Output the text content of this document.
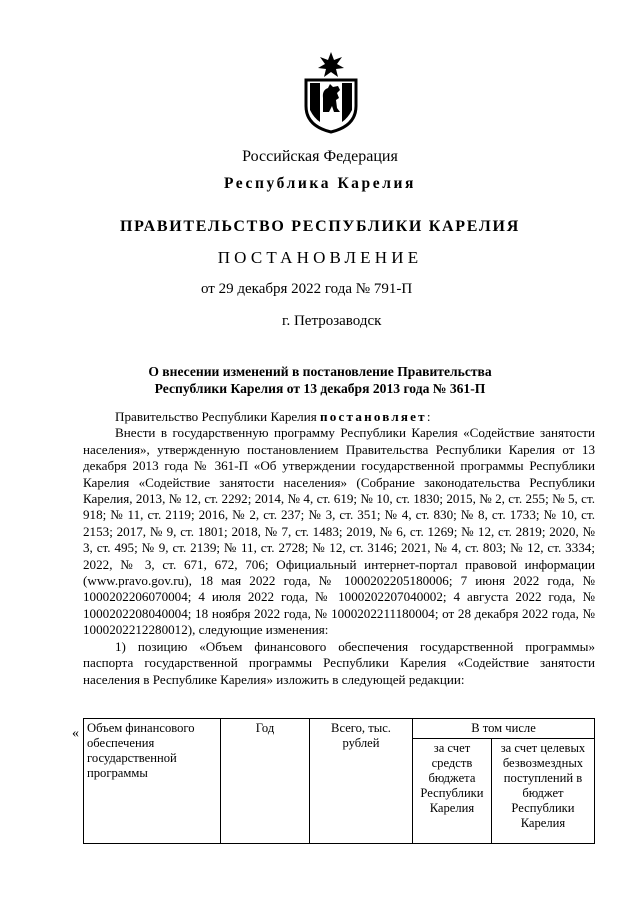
Российская Федерация
Республика Карелия
ПРАВИТЕЛЬСТВО РЕСПУБЛИКИ КАРЕЛИЯ
ПОСТАНОВЛЕНИЕ
от 29 декабря 2022 года № 791-П
г. Петрозаводск
О внесении изменений в постановление Правительства
Республики Карелия от 13 декабря 2013 года № 361-П

Правительство Республики Карелия постановляет:

Внести в государственную программу Республики Карелия «Содействие занятости населения», утвержденную постановлением Правительства Республики Карелия от 13 декабря 2013 года № 361-П «Об утверждении государственной программы Республики Карелия «Содействие занятости населения» (Собрание законодательства Республики Карелия, 2013, № 12, ст. 2292; 2014, № 4, ст. 619; № 10, ст. 1830; 2015, № 2, ст. 255; № 5, ст. 918; № 11, ст. 2119; 2016, № 2, ст. 237; № 3, ст. 351; № 4, ст. 830; № 8, ст. 1733; № 10, ст. 2153; 2017, № 9, ст. 1801; 2018, № 7, ст. 1483; 2019, № 6, ст. 1269; № 12, ст. 2819; 2020, № 3, ст. 495; № 9, ст. 2139; № 11, ст. 2728; № 12, ст. 3146; 2021, № 4, ст. 803; № 12, ст. 3334; 2022, № 3, ст. 671, 672, 706; Официальный интернет-портал правовой информации (www.pravo.gov.ru), 18 мая 2022 года, № 1000202205180006; 7 июня 2022 года, № 1000202206070004; 4 июля 2022 года, № 1000202207040002; 4 августа 2022 года, № 1000202208040004; 18 ноября 2022 года, № 1000202211180004; от 28 декабря 2022 года, № 1000202212280012), следующие изменения:

1) позицию «Объем финансового обеспечения государственной программы» паспорта государственной программы Республики Карелия «Содействие занятости населения в Республике Карелия» изложить в следующей редакции:

« Объем финансового обеспечения государственной программы	Год	Всего, тыс. рублей	В том числе	
			за счет средств бюджета Республики Карелия	за счет целевых безвозмездных поступлений в бюджет Республики Карелия
